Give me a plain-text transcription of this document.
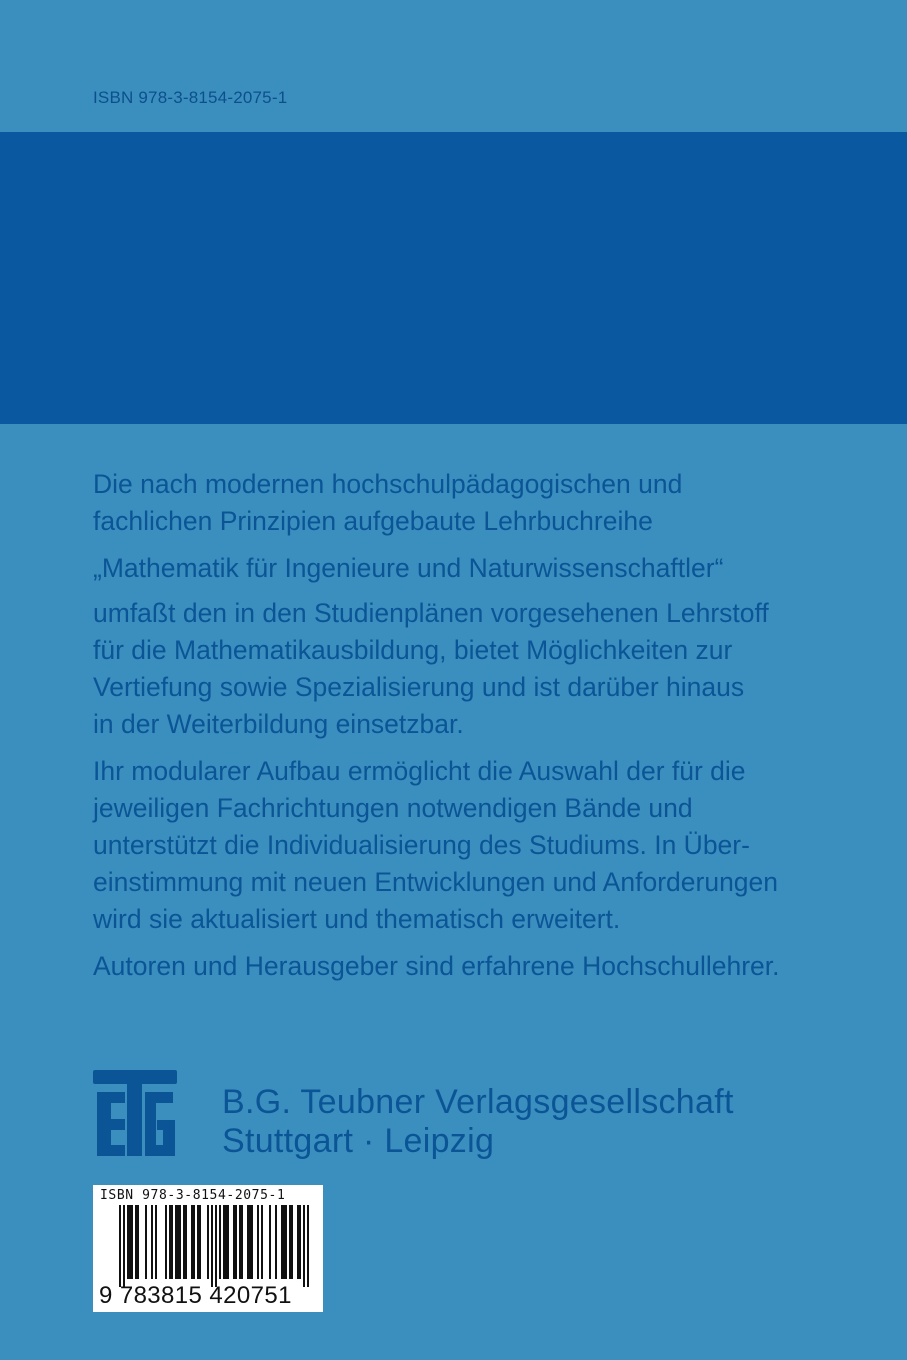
ISBN 978-3-8154-2075-1

Die nach modernen hochschulpädagogischen und
fachlichen Prinzipien aufgebaute Lehrbuchreihe

„Mathematik für Ingenieure und Naturwissenschaftler“

umfaßt den in den Studienplänen vorgesehenen Lehrstoff
für die Mathematikausbildung, bietet Möglichkeiten zur
Vertiefung sowie Spezialisierung und ist darüber hinaus
in der Weiterbildung einsetzbar.

Ihr modularer Aufbau ermöglicht die Auswahl der für die
jeweiligen Fachrichtungen notwendigen Bände und
unterstützt die Individualisierung des Studiums. In Über-
einstimmung mit neuen Entwicklungen und Anforderungen
wird sie aktualisiert und thematisch erweitert.

Autoren und Herausgeber sind erfahrene Hochschullehrer.

B.G. Teubner Verlagsgesellschaft
Stuttgart · Leipzig
ISBN 978-3-8154-2075-1
9 783815 420751
